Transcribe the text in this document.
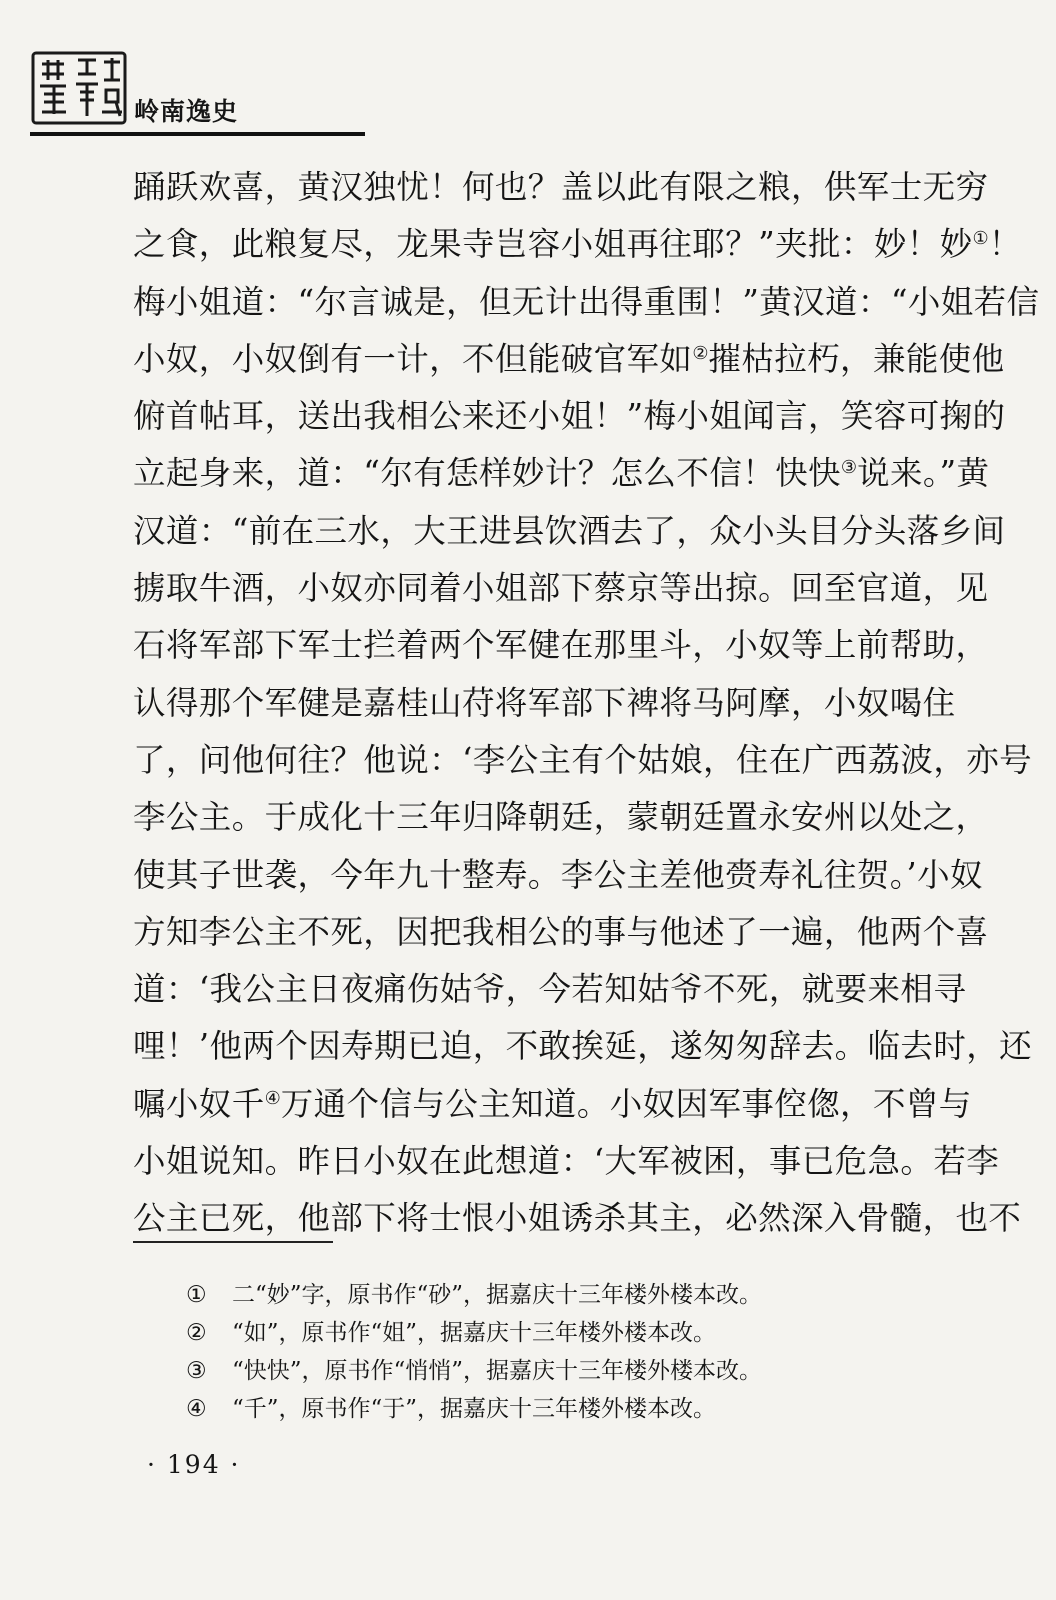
岭南逸史
踊跃欢喜，黄汉独忧！何也？盖以此有限之粮，供军士无穷
之食，此粮复尽，龙果寺岂容小姐再往耶？”夹批：妙！妙①！
梅小姐道：“尔言诚是，但无计出得重围！”黄汉道：“小姐若信
小奴，小奴倒有一计，不但能破官军如②摧枯拉朽，兼能使他
俯首帖耳，送出我相公来还小姐！”梅小姐闻言，笑容可掬的
立起身来，道：“尔有恁样妙计？怎么不信！快快③说来。”黄
汉道：“前在三水，大王进县饮酒去了，众小头目分头落乡间
掳取牛酒，小奴亦同着小姐部下蔡京等出掠。回至官道，见
石将军部下军士拦着两个军健在那里斗，小奴等上前帮助，
认得那个军健是嘉桂山苻将军部下裨将马阿摩，小奴喝住
了，问他何往？他说：‘李公主有个姑娘，住在广西荔波，亦号
李公主。于成化十三年归降朝廷，蒙朝廷置永安州以处之，
使其子世袭，今年九十整寿。李公主差他赍寿礼往贺。’小奴
方知李公主不死，因把我相公的事与他述了一遍，他两个喜
道：‘我公主日夜痛伤姑爷，今若知姑爷不死，就要来相寻
哩！’他两个因寿期已迫，不敢挨延，遂匆匆辞去。临去时，还
嘱小奴千④万通个信与公主知道。小奴因军事倥偬，不曾与
小姐说知。昨日小奴在此想道：‘大军被困，事已危急。若李
公主已死，他部下将士恨小姐诱杀其主，必然深入骨髓，也不
① 二“妙”字，原书作“砂”，据嘉庆十三年楼外楼本改。
② “如”，原书作“姐”，据嘉庆十三年楼外楼本改。
③ “快快”，原书作“悄悄”，据嘉庆十三年楼外楼本改。
④ “千”，原书作“于”，据嘉庆十三年楼外楼本改。
· 194 ·
